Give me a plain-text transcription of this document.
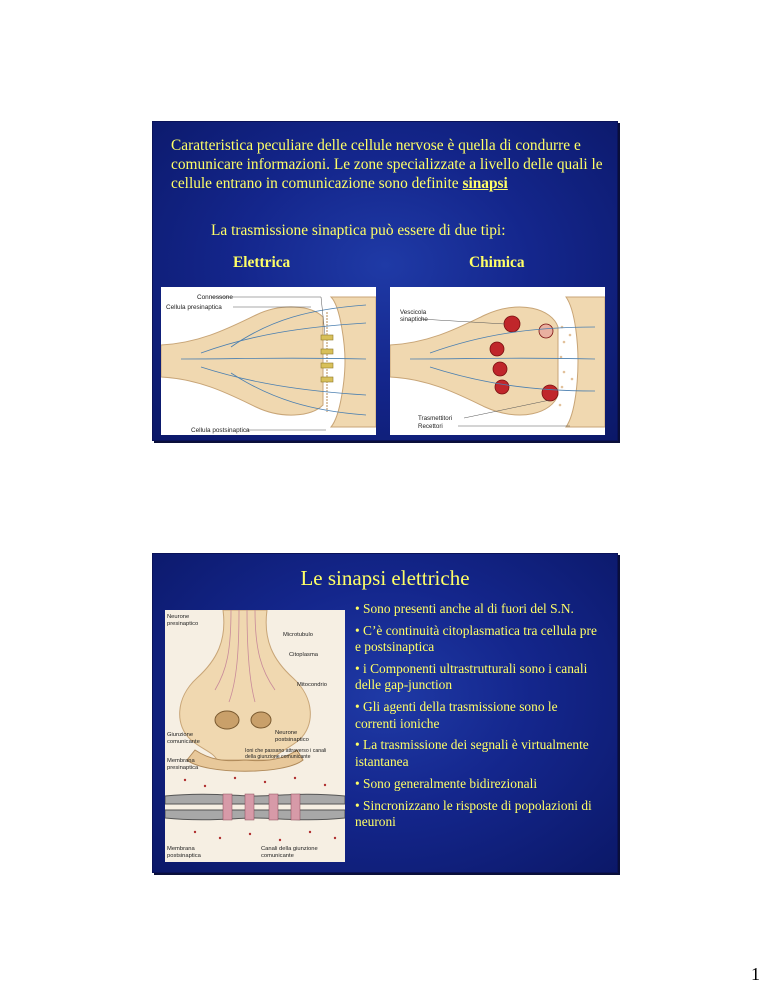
Caratteristica peculiare delle cellule nervose è quella di condurre e comunicare informazioni. Le zone specializzate a livello delle quali le cellule entrano in comunicazione sono definite sinapsi
La trasmissione sinaptica può essere di due tipi:
Elettrica	Chimica
Connessone
Cellula presinaptica
Cellula postsinaptica
Vescicola
sinaptiche
Trasmettitori
Recettori
Le sinapsi elettriche
Neurone
presinaptico
Microtubulo
Citoplasma
Mitocondrio
Giunzione
comunicante
Neurone
postsinaptico
Ioni che passano attraverso i canali
della giunzione comunicante
Membrana
presinaptica
Membrana
postsinaptica
Canali della giunzione
comunicante
• Sono presenti anche al di fuori del S.N.
• C’è continuità citoplasmatica tra cellula pre e postsinaptica
• i Componenti ultrastrutturali sono i canali delle gap-junction
• Gli agenti della trasmissione sono le correnti ioniche
• La trasmissione dei segnali è virtualmente istantanea
• Sono generalmente bidirezionali
• Sincronizzano le risposte di popolazioni di neuroni
1
